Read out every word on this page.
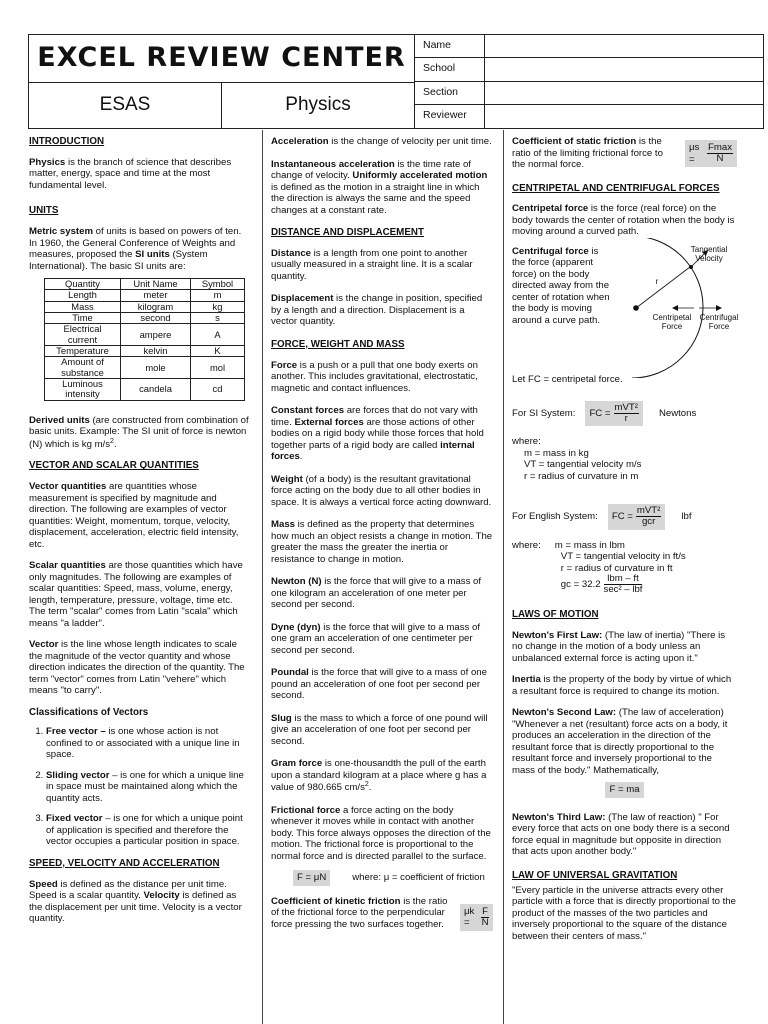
EXCEL REVIEW CENTER
ESAS	Physics
Name
School
Section
Reviewer
INTRODUCTION

Physics is the branch of science that describes matter, energy, space and time at the most fundamental level.

UNITS

Metric system of units is based on powers of ten. In 1960, the General Conference of Weights and measures, proposed the SI units (System International). The basic SI units are:

Quantity	Unit Name	Symbol
Length	meter	m
Mass	kilogram	kg
Time	second	s
Electrical current	ampere	A
Temperature	kelvin	K
Amount of substance	mole	mol
Luminous intensity	candela	cd

Derived units (are constructed from combination of basic units. Example: The SI unit of force is newton (N) which is kg $m/s^2$.

VECTOR AND SCALAR QUANTITIES

Vector quantities are quantities whose measurement is specified by magnitude and direction. The following are examples of vector quantities: Weight, momentum, torque, velocity, displacement, acceleration, electric field intensity, etc.

Scalar quantities are those quantities which have only magnitudes. The following are examples of scalar quantities: Speed, mass, volume, energy, length, temperature, pressure, voltage, time etc. The term "scalar" comes from Latin "scala" which means "a ladder".

Vector is the line whose length indicates to scale the magnitude of the vector quantity and whose direction indicates the direction of the quantity. The term "vector" comes from Latin "vehere" which means "to carry".

Classifications of Vectors
1. Free vector – is one whose action is not confined to or associated with a unique line in space.
2. Sliding vector – is one for which a unique line in space must be maintained along which the quantity acts.
3. Fixed vector – is one for which a unique point of application is specified and therefore the vector occupies a particular position in space.
SPEED, VELOCITY AND ACCELERATION

Speed is defined as the distance per unit time. Speed is a scalar quantity. Velocity is defined as the displacement per unit time. Velocity is a vector quantity.

Acceleration is the change of velocity per unit time.

Instantaneous acceleration is the time rate of change of velocity. Uniformly accelerated motion is defined as the motion in a straight line in which the direction is always the same and the speed changes at a constant rate.

DISTANCE AND DISPLACEMENT

Distance is a length from one point to another usually measured in a straight line. It is a scalar quantity.

Displacement is the change in position, specified by a length and a direction. Displacement is a vector quantity.

FORCE, WEIGHT AND MASS

Force is a push or a pull that one body exerts on another. This includes gravitational, electrostatic, magnetic and contact influences.

Constant forces are forces that do not vary with time. External forces are those actions of other bodies on a rigid body while those forces that hold together parts of a rigid body are called internal forces.

Weight (of a body) is the resultant gravitational force acting on the body due to all other bodies in space. It is always a vertical force acting downward.

Mass is defined as the property that determines how much an object resists a change in motion. The greater the mass the greater the inertia or resistance to change in motion.

Newton (N) is the force that will give to a mass of one kilogram an acceleration of one meter per second per second.

Dyne (dyn) is the force that will give to a mass of one gram an acceleration of one centimeter per second per second.

Poundal is the force that will give to a mass of one pound an acceleration of one foot per second per second.

Slug is the mass to which a force of one pound will give an acceleration of one foot per second per second.

Gram force is one-thousandth the pull of the earth upon a standard kilogram at a place where g has a value of 980.665 $cm/s^2$.

Frictional force a force acting on the body whenever it moves while in contact with another body. This force always opposes the direction of the motion. The frictional force is proportional to the normal force and is directed parallel to the surface.

F = μN	where: μ = coefficient of friction

Coefficient of kinetic friction is the ratio of the frictional force to the perpendicular force pressing the two surfaces together.

μk =	$\frac{F}{N}$

Coefficient of static friction is the ratio of the limiting frictional force to the normal force.

μs =	$\frac{Fmax}{N}$
CENTRIPETAL AND CENTRIFUGAL FORCES

Centripetal force is the force (real force) on the body towards the center of rotation when the body is moving around a curved path.

Centrifugal force is the force (apparent force) on the body directed away from the center of rotation when the body is moving around a curve path.
Tangential Velocity
r
Centripetal Force
Centrifugal Force

Let FC = centripetal force.

For SI System: FC = $\frac{\text{mVT²}}{r}$ Newtons
where:
m = mass in kg
VT = tangential velocity m/s
r = radius of curvature in m
For English System: FC = $\frac{\text{mVT²}}{\text{gcr}}$ lbf
where: m = mass in lbm
VT = tangential velocity in ft/s
r = radius of curvature in ft
gc = $32.2 \frac{\text{lbm – ft}}{\text{sec² – lbf}}$
LAWS OF MOTION

Newton's First Law: (The law of inertia) "There is no change in the motion of a body unless an unbalanced external force is acting upon it."

Inertia is the property of the body by virtue of which a resultant force is required to change its motion.

Newton's Second Law: (The law of acceleration) "Whenever a net (resultant) force acts on a body, it produces an acceleration in the direction of the resultant force that is directly proportional to the resultant force and inversely proportional to the mass of the body." Mathematically,

F = ma

Newton's Third Law: (The law of reaction) " For every force that acts on one body there is a second force equal in magnitude but opposite in direction that acts upon another body."

LAW OF UNIVERSAL GRAVITATION

"Every particle in the universe attracts every other particle with a force that is directly proportional to the product of the masses of the two particles and inversely proportional to the square of the distance between their centers of mass."
